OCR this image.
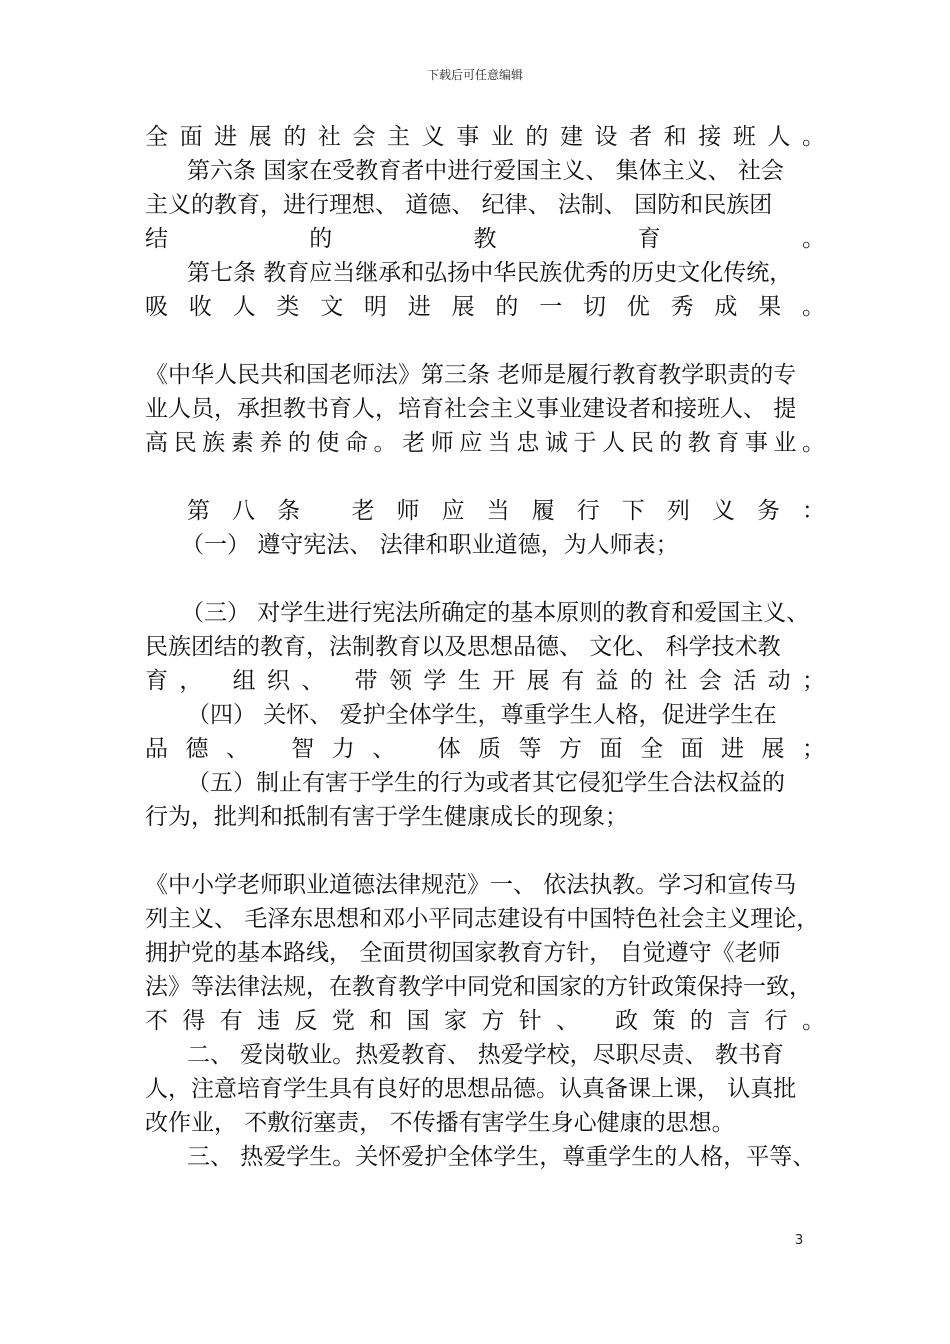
下载后可任意编辑
全面进展的社会主义事业的建设者和接班人。
第六条 国家在受教育者中进行爱国主义、 集体主义、 社会
主义的教育，进行理想、 道德、 纪律、 法制、 国防和民族团
结的教育。
第七条 教育应当继承和弘扬中华民族优秀的历史文化传统，
吸收人类文明进展的一切优秀成果。
《中华人民共和国老师法》第三条 老师是履行教育教学职责的专
业人员，承担教书育人，培育社会主义事业建设者和接班人、 提
高民族素养的使命。老师应当忠诚于人民的教育事业。
第八条 老师应当履行下列义务：
（一） 遵守宪法、 法律和职业道德，为人师表；
（三） 对学生进行宪法所确定的基本原则的教育和爱国主义、
民族团结的教育，法制教育以及思想品德、 文化、 科学技术教
育， 组织、 带领学生开展有益的社会活动；
（四） 关怀、 爱护全体学生，尊重学生人格，促进学生在
品德、 智力、 体质等方面全面进展；
（五）制止有害于学生的行为或者其它侵犯学生合法权益的
行为，批判和抵制有害于学生健康成长的现象；
《中小学老师职业道德法律规范》一、 依法执教。学习和宣传马
列主义、 毛泽东思想和邓小平同志建设有中国特色社会主义理论，
拥护党的基本路线， 全面贯彻国家教育方针， 自觉遵守《老师
法》等法律法规，在教育教学中同党和国家的方针政策保持一致，
不得有违反党和国家方针、 政策的言行。
二、 爱岗敬业。热爱教育、 热爱学校，尽职尽责、 教书育
人，注意培育学生具有良好的思想品德。认真备课上课， 认真批
改作业， 不敷衍塞责， 不传播有害学生身心健康的思想。
三、 热爱学生。关怀爱护全体学生，尊重学生的人格，平等、
3
